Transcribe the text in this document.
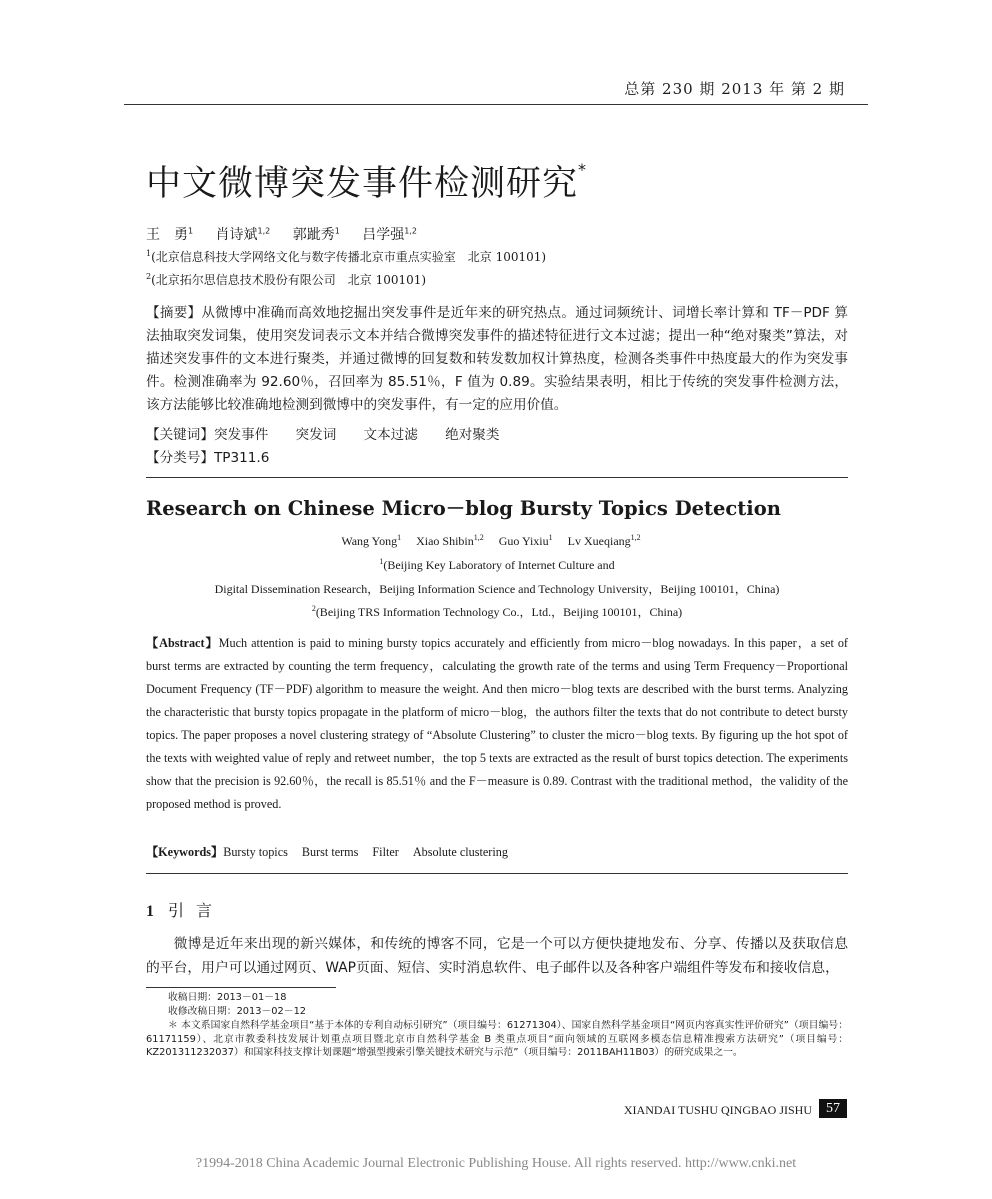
总第 230 期 2013 年 第 2 期
中文微博突发事件检测研究*
王　勇$^1$ 肖诗斌$^{1,2}$ 郭跐秀$^1$ 吕学强$^{1,2}$
$^1$(北京信息科技大学网络文化与数字传播北京市重点实验室　北京 100101)
$^2$(北京拓尔思信息技术股份有限公司　北京 100101)
【摘要】从微博中准确而高效地挖掘出突发事件是近年来的研究热点。通过词频统计、词增长率计算和 TF－PDF 算法抽取突发词集，使用突发词表示文本并结合微博突发事件的描述特征进行文本过滤；提出一种“绝对聚类”算法，对描述突发事件的文本进行聚类，并通过微博的回复数和转发数加权计算热度，检测各类事件中热度最大的作为突发事件。检测准确率为 92.60％，召回率为 85.51％，F 值为 0.89。实验结果表明，相比于传统的突发事件检测方法，该方法能够比较准确地检测到微博中的突发事件，有一定的应用价值。
【关键词】突发事件　　 突发词　　 文本过滤　　 绝对聚类
【分类号】TP311.6
Research on Chinese Micro－blog Bursty Topics Detection
Wang Yong$^1$ Xiao Shibin$^{1,2}$ Guo Yixiu$^1$ Lv Xueqiang$^{1,2}$
$^1$(Beijing Key Laboratory of Internet Culture and
Digital Dissemination Research，Beijing Information Science and Technology University，Beijing 100101，China)
$^2$(Beijing TRS Information Technology Co.，Ltd.，Beijing 100101，China)
【Abstract】Much attention is paid to mining bursty topics accurately and efficiently from micro－blog nowadays. In this paper，a set of burst terms are extracted by counting the term frequency，calculating the growth rate of the terms and using Term Frequency－Proportional Document Frequency (TF－PDF) algorithm to measure the weight. And then micro－blog texts are described with the burst terms. Analyzing the characteristic that bursty topics propagate in the platform of micro－blog，the authors filter the texts that do not contribute to detect bursty topics. The paper proposes a novel clustering strategy of “Absolute Clustering” to cluster the micro－blog texts. By figuring up the hot spot of the texts with weighted value of reply and retweet number，the top 5 texts are extracted as the result of burst topics detection. The experiments show that the precision is 92.60％，the recall is 85.51％ and the F－measure is 0.89. Contrast with the traditional method，the validity of the proposed method is proved.
【Keywords】Bursty topics Burst terms Filter Absolute clustering
1 引言
微博是近年来出现的新兴媒体，和传统的博客不同，它是一个可以方便快捷地发布、分享、传播以及获取信息的平台，用户可以通过网页、WAP页面、短信、实时消息软件、电子邮件以及各种客户端组件等发布和接收信息，
收稿日期：2013－01－18
收修改稿日期：2013－02－12
＊ 本文系国家自然科学基金项目“基于本体的专利自动标引研究”（项目编号：61271304）、国家自然科学基金项目“网页内容真实性评价研究”（项目编号：61171159）、北京市教委科技发展计划重点项目暨北京市自然科学基金 B 类重点项目“面向领域的互联网多模态信息精准搜索方法研究”（项目编号：KZ201311232037）和国家科技支撑计划课题“增强型搜索引擎关键技术研究与示范”（项目编号：2011BAH11B03）的研究成果之一。
XIANDAI TUSHU QINGBAO JISHU	57
?1994-2018 China Academic Journal Electronic Publishing House. All rights reserved. http://www.cnki.net
